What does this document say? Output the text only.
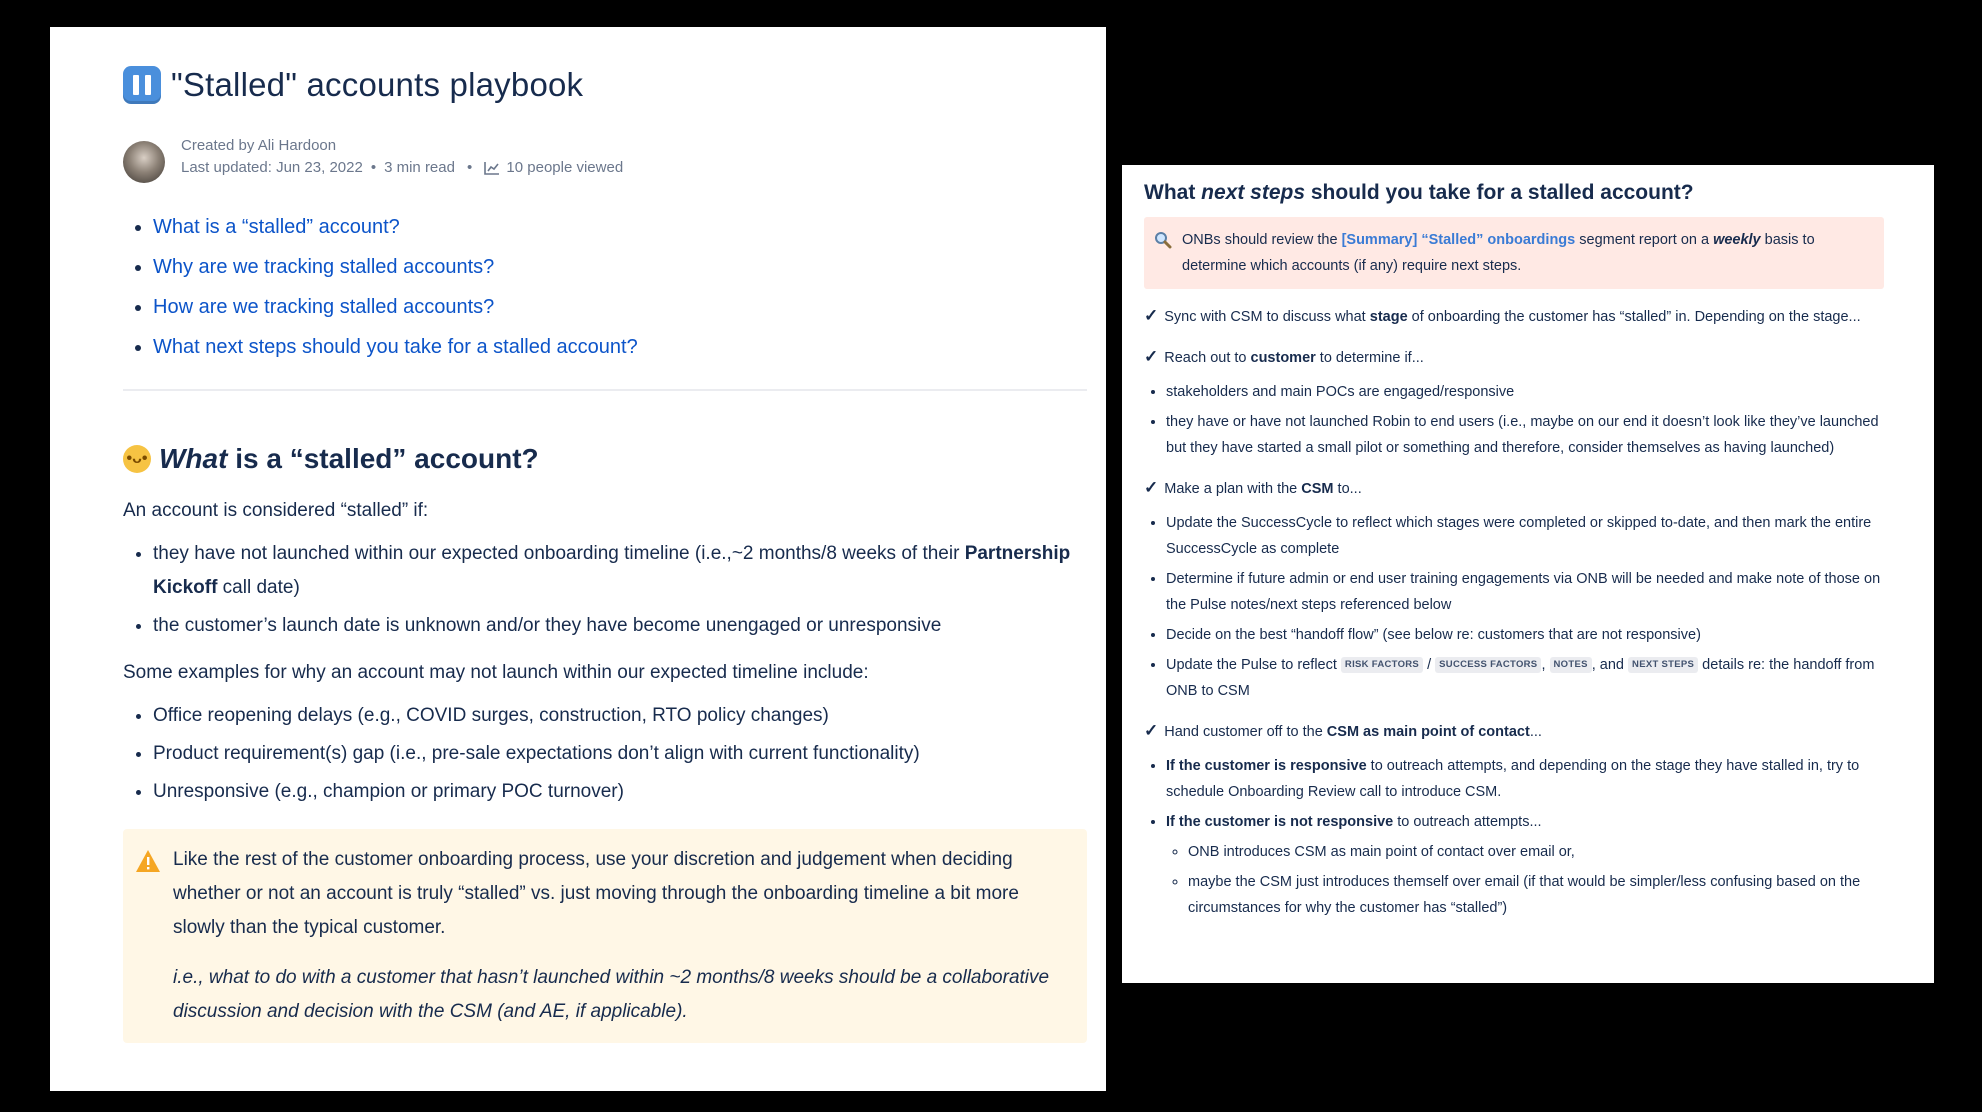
"Stalled" accounts playbook
Created by Ali Hardoon
Last updated: Jun 23, 2022 • 3 min read • 10 people viewed
• What is a “stalled” account?
• Why are we tracking stalled accounts?
• How are we tracking stalled accounts?
• What next steps should you take for a stalled account?
•ᴗ• What is a “stalled” account?

An account is considered “stalled” if:

• they have not launched within our expected onboarding timeline (i.e.,~2 months/8 weeks of their Partnership Kickoff call date)
• the customer’s launch date is unknown and/or they have become unengaged or unresponsive

Some examples for why an account may not launch within our expected timeline include:

• Office reopening delays (e.g., COVID surges, construction, RTO policy changes)
• Product requirement(s) gap (i.e., pre-sale expectations don’t align with current functionality)
• Unresponsive (e.g., champion or primary POC turnover)

Like the rest of the customer onboarding process, use your discretion and judgement when deciding whether or not an account is truly “stalled” vs. just moving through the onboarding timeline a bit more slowly than the typical customer.

i.e., what to do with a customer that hasn’t launched within ~2 months/8 weeks should be a collaborative discussion and decision with the CSM (and AE, if applicable).

What next steps should you take for a stalled account?
ONBs should review the [Summary] “Stalled” onboardings segment report on a weekly basis to determine which accounts (if any) require next steps.

✓ Sync with CSM to discuss what stage of onboarding the customer has “stalled” in. Depending on the stage...

✓ Reach out to customer to determine if...

• stakeholders and main POCs are engaged/responsive
• they have or have not launched Robin to end users (i.e., maybe on our end it doesn’t look like they’ve launched but they have started a small pilot or something and therefore, consider themselves as having launched)

✓ Make a plan with the CSM to...

• Update the SuccessCycle to reflect which stages were completed or skipped to-date, and then mark the entire SuccessCycle as complete
• Determine if future admin or end user training engagements via ONB will be needed and make note of those on the Pulse notes/next steps referenced below
• Decide on the best “handoff flow” (see below re: customers that are not responsive)
• Update the Pulse to reflect RISK FACTORS / SUCCESS FACTORS , NOTES , and NEXT STEPS details re: the handoff from ONB to CSM

✓ Hand customer off to the CSM as main point of contact...

• If the customer is responsive to outreach attempts, and depending on the stage they have stalled in, try to schedule Onboarding Review call to introduce CSM.
• If the customer is not responsive to outreach attempts...
◦ ONB introduces CSM as main point of contact over email or,
◦ maybe the CSM just introduces themself over email (if that would be simpler/less confusing based on the circumstances for why the customer has “stalled”)
